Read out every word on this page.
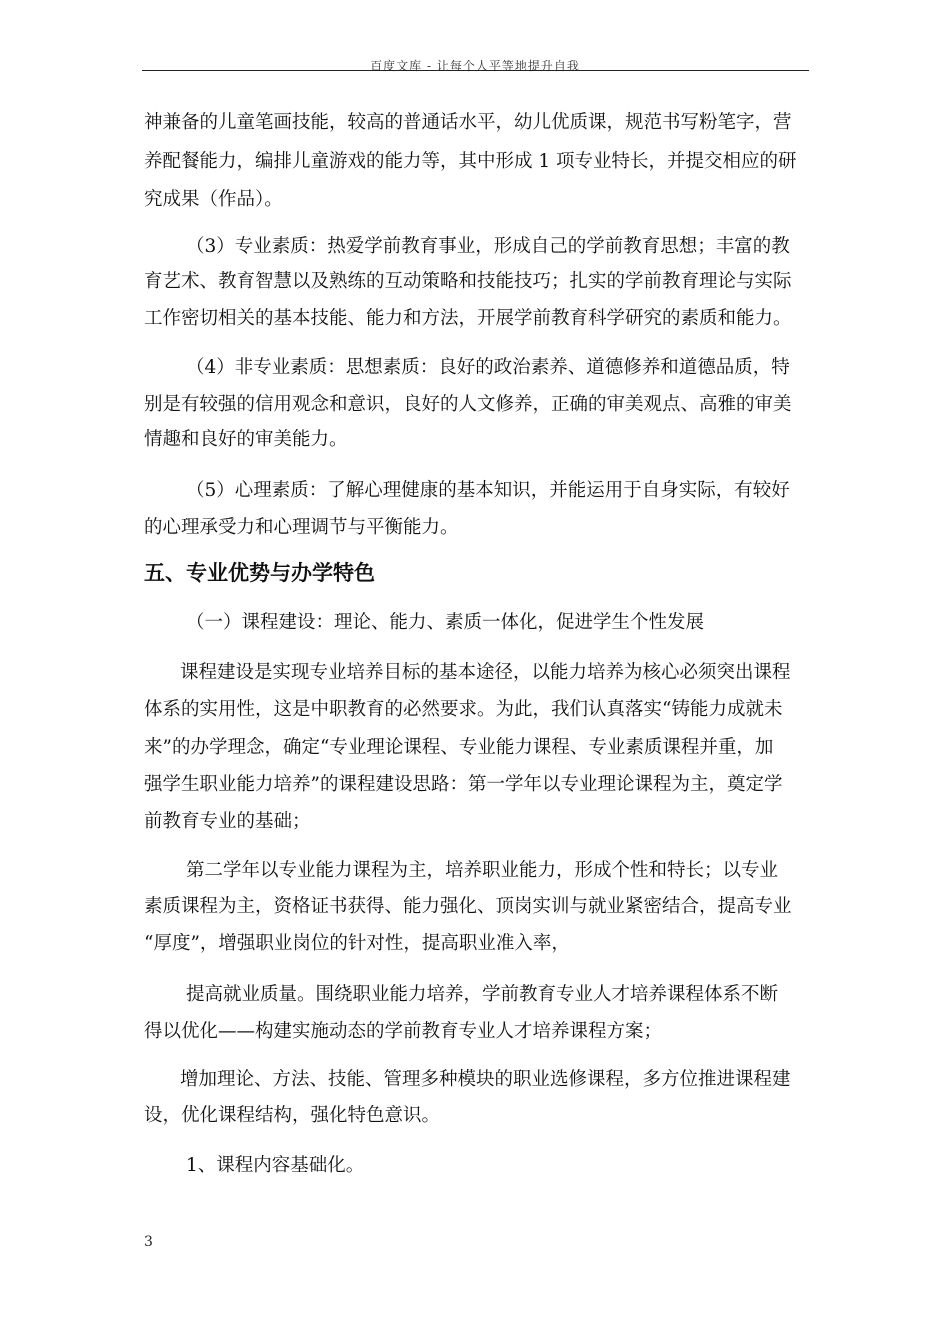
百度文库 - 让每个人平等地提升自我
神兼备的儿童笔画技能，较高的普通话水平，幼儿优质课，规范书写粉笔字，营
养配餐能力，编排儿童游戏的能力等，其中形成 1 项专业特长，并提交相应的研
究成果（作品）。
（3）专业素质：热爱学前教育事业，形成自己的学前教育思想；丰富的教
育艺术、教育智慧以及熟练的互动策略和技能技巧；扎实的学前教育理论与实际
工作密切相关的基本技能、能力和方法，开展学前教育科学研究的素质和能力。
（4）非专业素质：思想素质：良好的政治素养、道德修养和道德品质，特
别是有较强的信用观念和意识，良好的人文修养，正确的审美观点、高雅的审美
情趣和良好的审美能力。
（5）心理素质：了解心理健康的基本知识，并能运用于自身实际，有较好
的心理承受力和心理调节与平衡能力。
五、专业优势与办学特色
（一）课程建设：理论、能力、素质一体化，促进学生个性发展
课程建设是实现专业培养目标的基本途径，以能力培养为核心必须突出课程
体系的实用性，这是中职教育的必然要求。为此，我们认真落实“铸能力成就未
来”的办学理念，确定“专业理论课程、专业能力课程、专业素质课程并重，加
强学生职业能力培养”的课程建设思路：第一学年以专业理论课程为主，奠定学
前教育专业的基础；
第二学年以专业能力课程为主，培养职业能力，形成个性和特长；以专业
素质课程为主，资格证书获得、能力强化、顶岗实训与就业紧密结合，提高专业
“厚度”，增强职业岗位的针对性，提高职业准入率，
提高就业质量。围绕职业能力培养，学前教育专业人才培养课程体系不断
得以优化——构建实施动态的学前教育专业人才培养课程方案；
增加理论、方法、技能、管理多种模块的职业选修课程，多方位推进课程建
设，优化课程结构，强化特色意识。
1、课程内容基础化。
3
